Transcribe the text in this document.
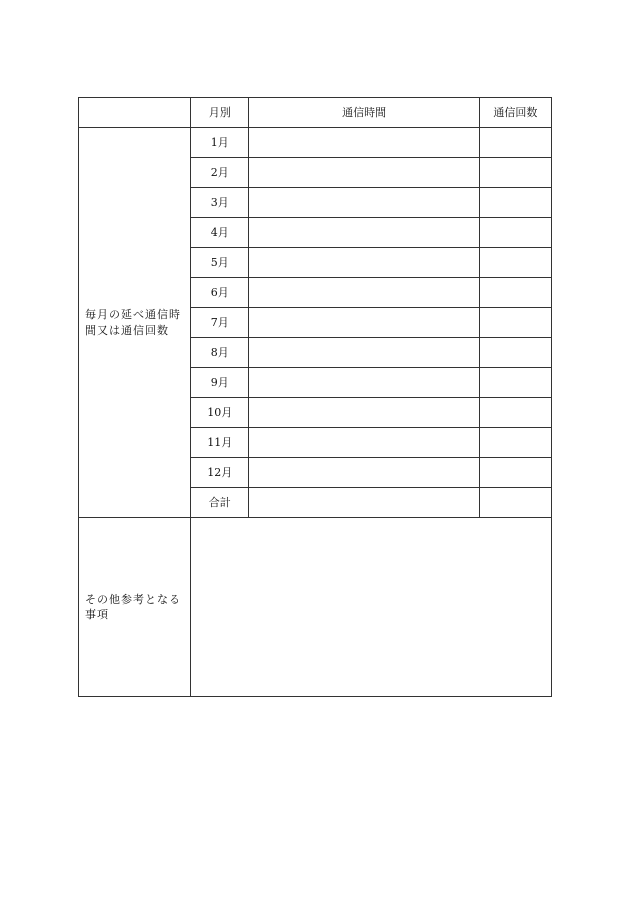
	月別	通信時間	通信回数

毎月の延べ通信時間又は通信回数	1月		
	2月		
	3月		
	4月		
	5月		
	6月		
	7月		
	8月		
	9月		
	10月		
	11月		
	12月		
	合計		

その他参考となる事項			
